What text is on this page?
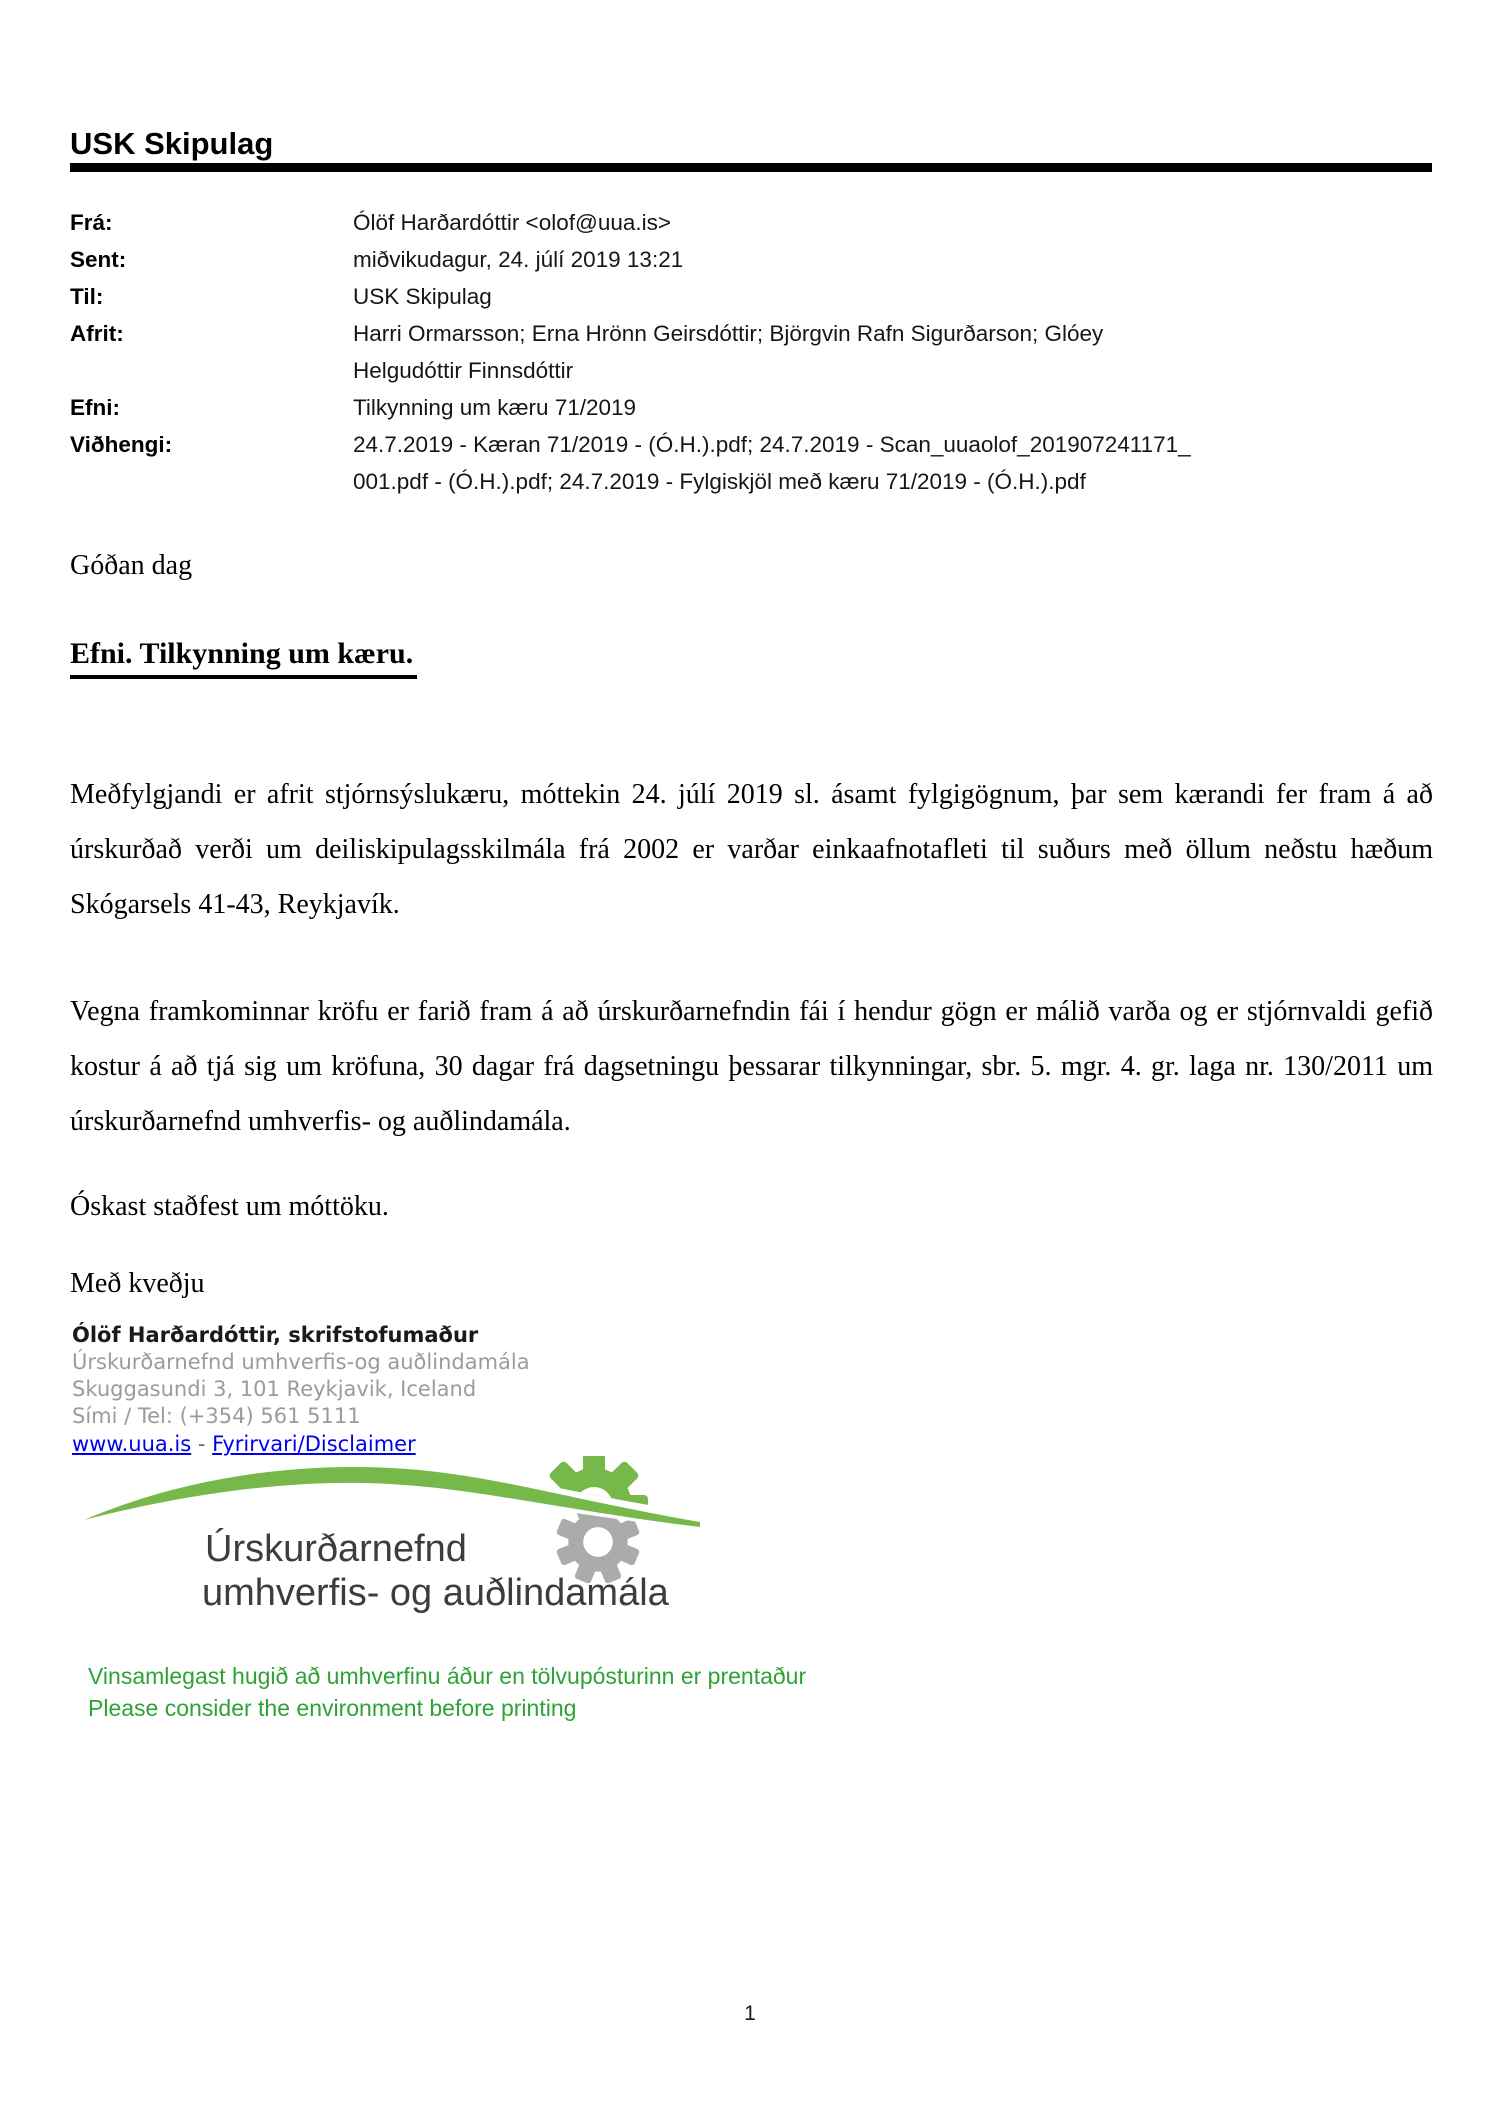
USK Skipulag
Frá:	Ólöf Harðardóttir <olof@uua.is>
Sent:	miðvikudagur, 24. júlí 2019 13:21
Til:	USK Skipulag
Afrit:	Harri Ormarsson; Erna Hrönn Geirsdóttir; Björgvin Rafn Sigurðarson; Glóey
Helgudóttir Finnsdóttir
Efni:	Tilkynning um kæru 71/2019
Viðhengi:	24.7.2019 - Kæran 71/2019 - (Ó.H.).pdf; 24.7.2019 - Scan_uuaolof_201907241171_
001.pdf - (Ó.H.).pdf; 24.7.2019 - Fylgiskjöl með kæru 71/2019 - (Ó.H.).pdf
Góðan dag
Efni. Tilkynning um kæru.
Meðfylgjandi er afrit stjórnsýslukæru, móttekin 24. júlí 2019 sl. ásamt fylgigögnum, þar sem kærandi fer fram á að úrskurðað verði um deiliskipulagsskilmála frá 2002 er varðar einkaafnotafleti til suðurs með öllum neðstu hæðum Skógarsels 41-43, Reykjavík.
Vegna framkominnar kröfu er farið fram á að úrskurðarnefndin fái í hendur gögn er málið varða og er stjórnvaldi gefið kostur á að tjá sig um kröfuna, 30 dagar frá dagsetningu þessarar tilkynningar, sbr. 5. mgr. 4. gr. laga nr. 130/2011 um úrskurðarnefnd umhverfis- og auðlindamála.
Óskast staðfest um móttöku.
Með kveðju
Ólöf Harðardóttir, skrifstofumaður
Úrskurðarnefnd umhverfis-og auðlindamála
Skuggasundi 3, 101 Reykjavik, Iceland
Sími / Tel: (+354) 561 5111
www.uua.is - Fyrirvari/Disclaimer
Úrskurðarnefnd
umhverfis- og auðlindamála
Vinsamlegast hugið að umhverfinu áður en tölvupósturinn er prentaður
Please consider the environment before printing
1
